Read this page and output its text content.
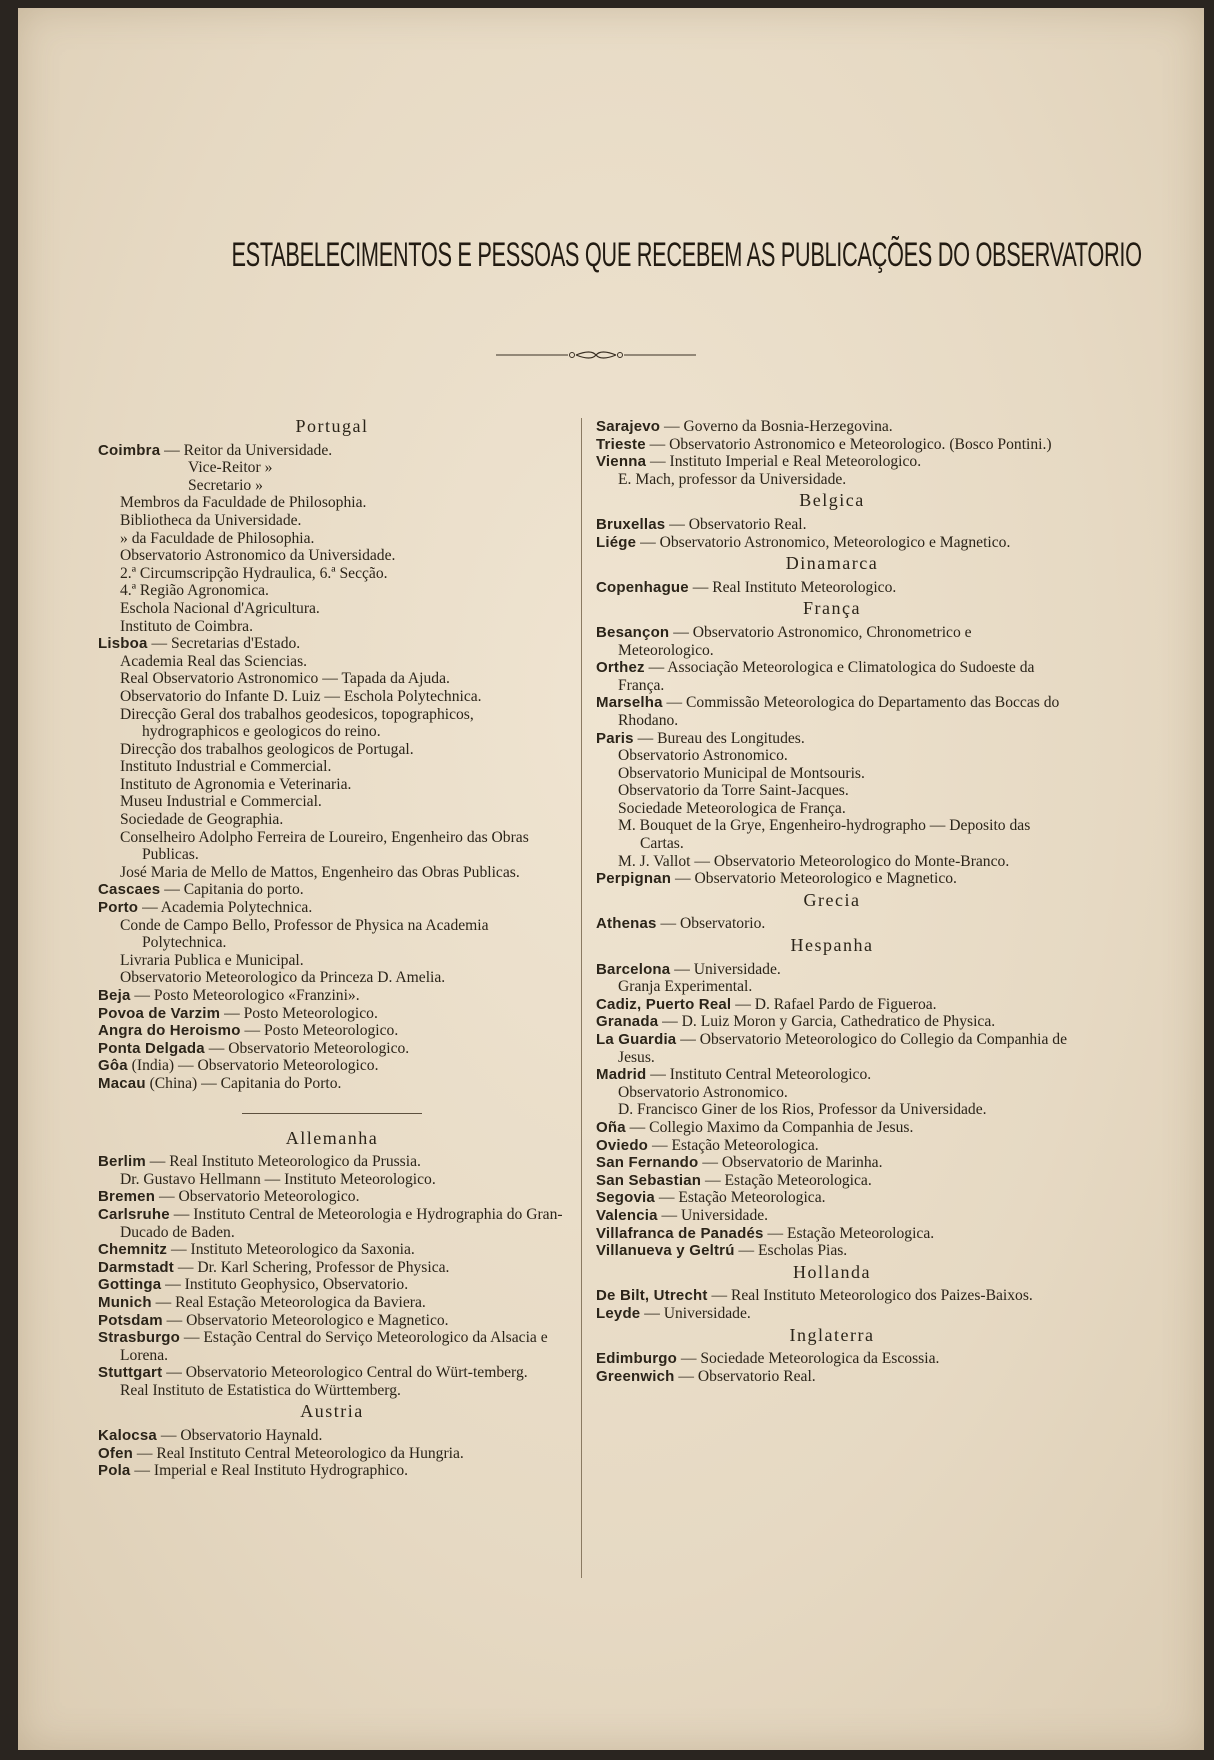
ESTABELECIMENTOS E PESSOAS QUE RECEBEM AS PUBLICAÇÕES DO OBSERVATORIO
Portugal
Coimbra — Reitor da Universidade.
Vice-Reitor »
Secretario »
Membros da Faculdade de Philosophia.
Bibliotheca da Universidade.
» da Faculdade de Philosophia.
Observatorio Astronomico da Universidade.
2.ª Circumscripção Hydraulica, 6.ª Secção.
4.ª Região Agronomica.
Eschola Nacional d'Agricultura.
Instituto de Coimbra.
Lisboa — Secretarias d'Estado.
Academia Real das Sciencias.
Real Observatorio Astronomico — Tapada da Ajuda.
Observatorio do Infante D. Luiz — Eschola Polytechnica.
Direcção Geral dos trabalhos geodesicos, topographicos, hydrographicos e geologicos do reino.
Direcção dos trabalhos geologicos de Portugal.
Instituto Industrial e Commercial.
Instituto de Agronomia e Veterinaria.
Museu Industrial e Commercial.
Sociedade de Geographia.
Conselheiro Adolpho Ferreira de Loureiro, Engenheiro das Obras Publicas.
José Maria de Mello de Mattos, Engenheiro das Obras Publicas.
Cascaes — Capitania do porto.
Porto — Academia Polytechnica.
Conde de Campo Bello, Professor de Physica na Academia Polytechnica.
Livraria Publica e Municipal.
Observatorio Meteorologico da Princeza D. Amelia.
Beja — Posto Meteorologico «Franzini».
Povoa de Varzim — Posto Meteorologico.
Angra do Heroismo — Posto Meteorologico.
Ponta Delgada — Observatorio Meteorologico.
Gôa (India) — Observatorio Meteorologico.
Macau (China) — Capitania do Porto.
Allemanha
Berlim — Real Instituto Meteorologico da Prussia.
Dr. Gustavo Hellmann — Instituto Meteorologico.
Bremen — Observatorio Meteorologico.
Carlsruhe — Instituto Central de Meteorologia e Hydrographia do Gran-Ducado de Baden.
Chemnitz — Instituto Meteorologico da Saxonia.
Darmstadt — Dr. Karl Schering, Professor de Physica.
Gottinga — Instituto Geophysico, Observatorio.
Munich — Real Estação Meteorologica da Baviera.
Potsdam — Observatorio Meteorologico e Magnetico.
Strasburgo — Estação Central do Serviço Meteorologico da Alsacia e Lorena.
Stuttgart — Observatorio Meteorologico Central do Würt-temberg.
Real Instituto de Estatistica do Württemberg.
Austria
Kalocsa — Observatorio Haynald.
Ofen — Real Instituto Central Meteorologico da Hungria.
Pola — Imperial e Real Instituto Hydrographico.
Sarajevo — Governo da Bosnia-Herzegovina.
Trieste — Observatorio Astronomico e Meteorologico. (Bosco Pontini.)
Vienna — Instituto Imperial e Real Meteorologico.
E. Mach, professor da Universidade.
Belgica
Bruxellas — Observatorio Real.
Liége — Observatorio Astronomico, Meteorologico e Magnetico.
Dinamarca
Copenhague — Real Instituto Meteorologico.
França
Besançon — Observatorio Astronomico, Chronometrico e Meteorologico.
Orthez — Associação Meteorologica e Climatologica do Sudoeste da França.
Marselha — Commissão Meteorologica do Departamento das Boccas do Rhodano.
Paris — Bureau des Longitudes.
Observatorio Astronomico.
Observatorio Municipal de Montsouris.
Observatorio da Torre Saint-Jacques.
Sociedade Meteorologica de França.
M. Bouquet de la Grye, Engenheiro-hydrographo — Deposito das Cartas.
M. J. Vallot — Observatorio Meteorologico do Monte-Branco.
Perpignan — Observatorio Meteorologico e Magnetico.
Grecia
Athenas — Observatorio.
Hespanha
Barcelona — Universidade.
Granja Experimental.
Cadiz, Puerto Real — D. Rafael Pardo de Figueroa.
Granada — D. Luiz Moron y Garcia, Cathedratico de Physica.
La Guardia — Observatorio Meteorologico do Collegio da Companhia de Jesus.
Madrid — Instituto Central Meteorologico.
Observatorio Astronomico.
D. Francisco Giner de los Rios, Professor da Universidade.
Oña — Collegio Maximo da Companhia de Jesus.
Oviedo — Estação Meteorologica.
San Fernando — Observatorio de Marinha.
San Sebastian — Estação Meteorologica.
Segovia — Estação Meteorologica.
Valencia — Universidade.
Villafranca de Panadés — Estação Meteorologica.
Villanueva y Geltrú — Escholas Pias.
Hollanda
De Bilt, Utrecht — Real Instituto Meteorologico dos Paizes-Baixos.
Leyde — Universidade.
Inglaterra
Edimburgo — Sociedade Meteorologica da Escossia.
Greenwich — Observatorio Real.
